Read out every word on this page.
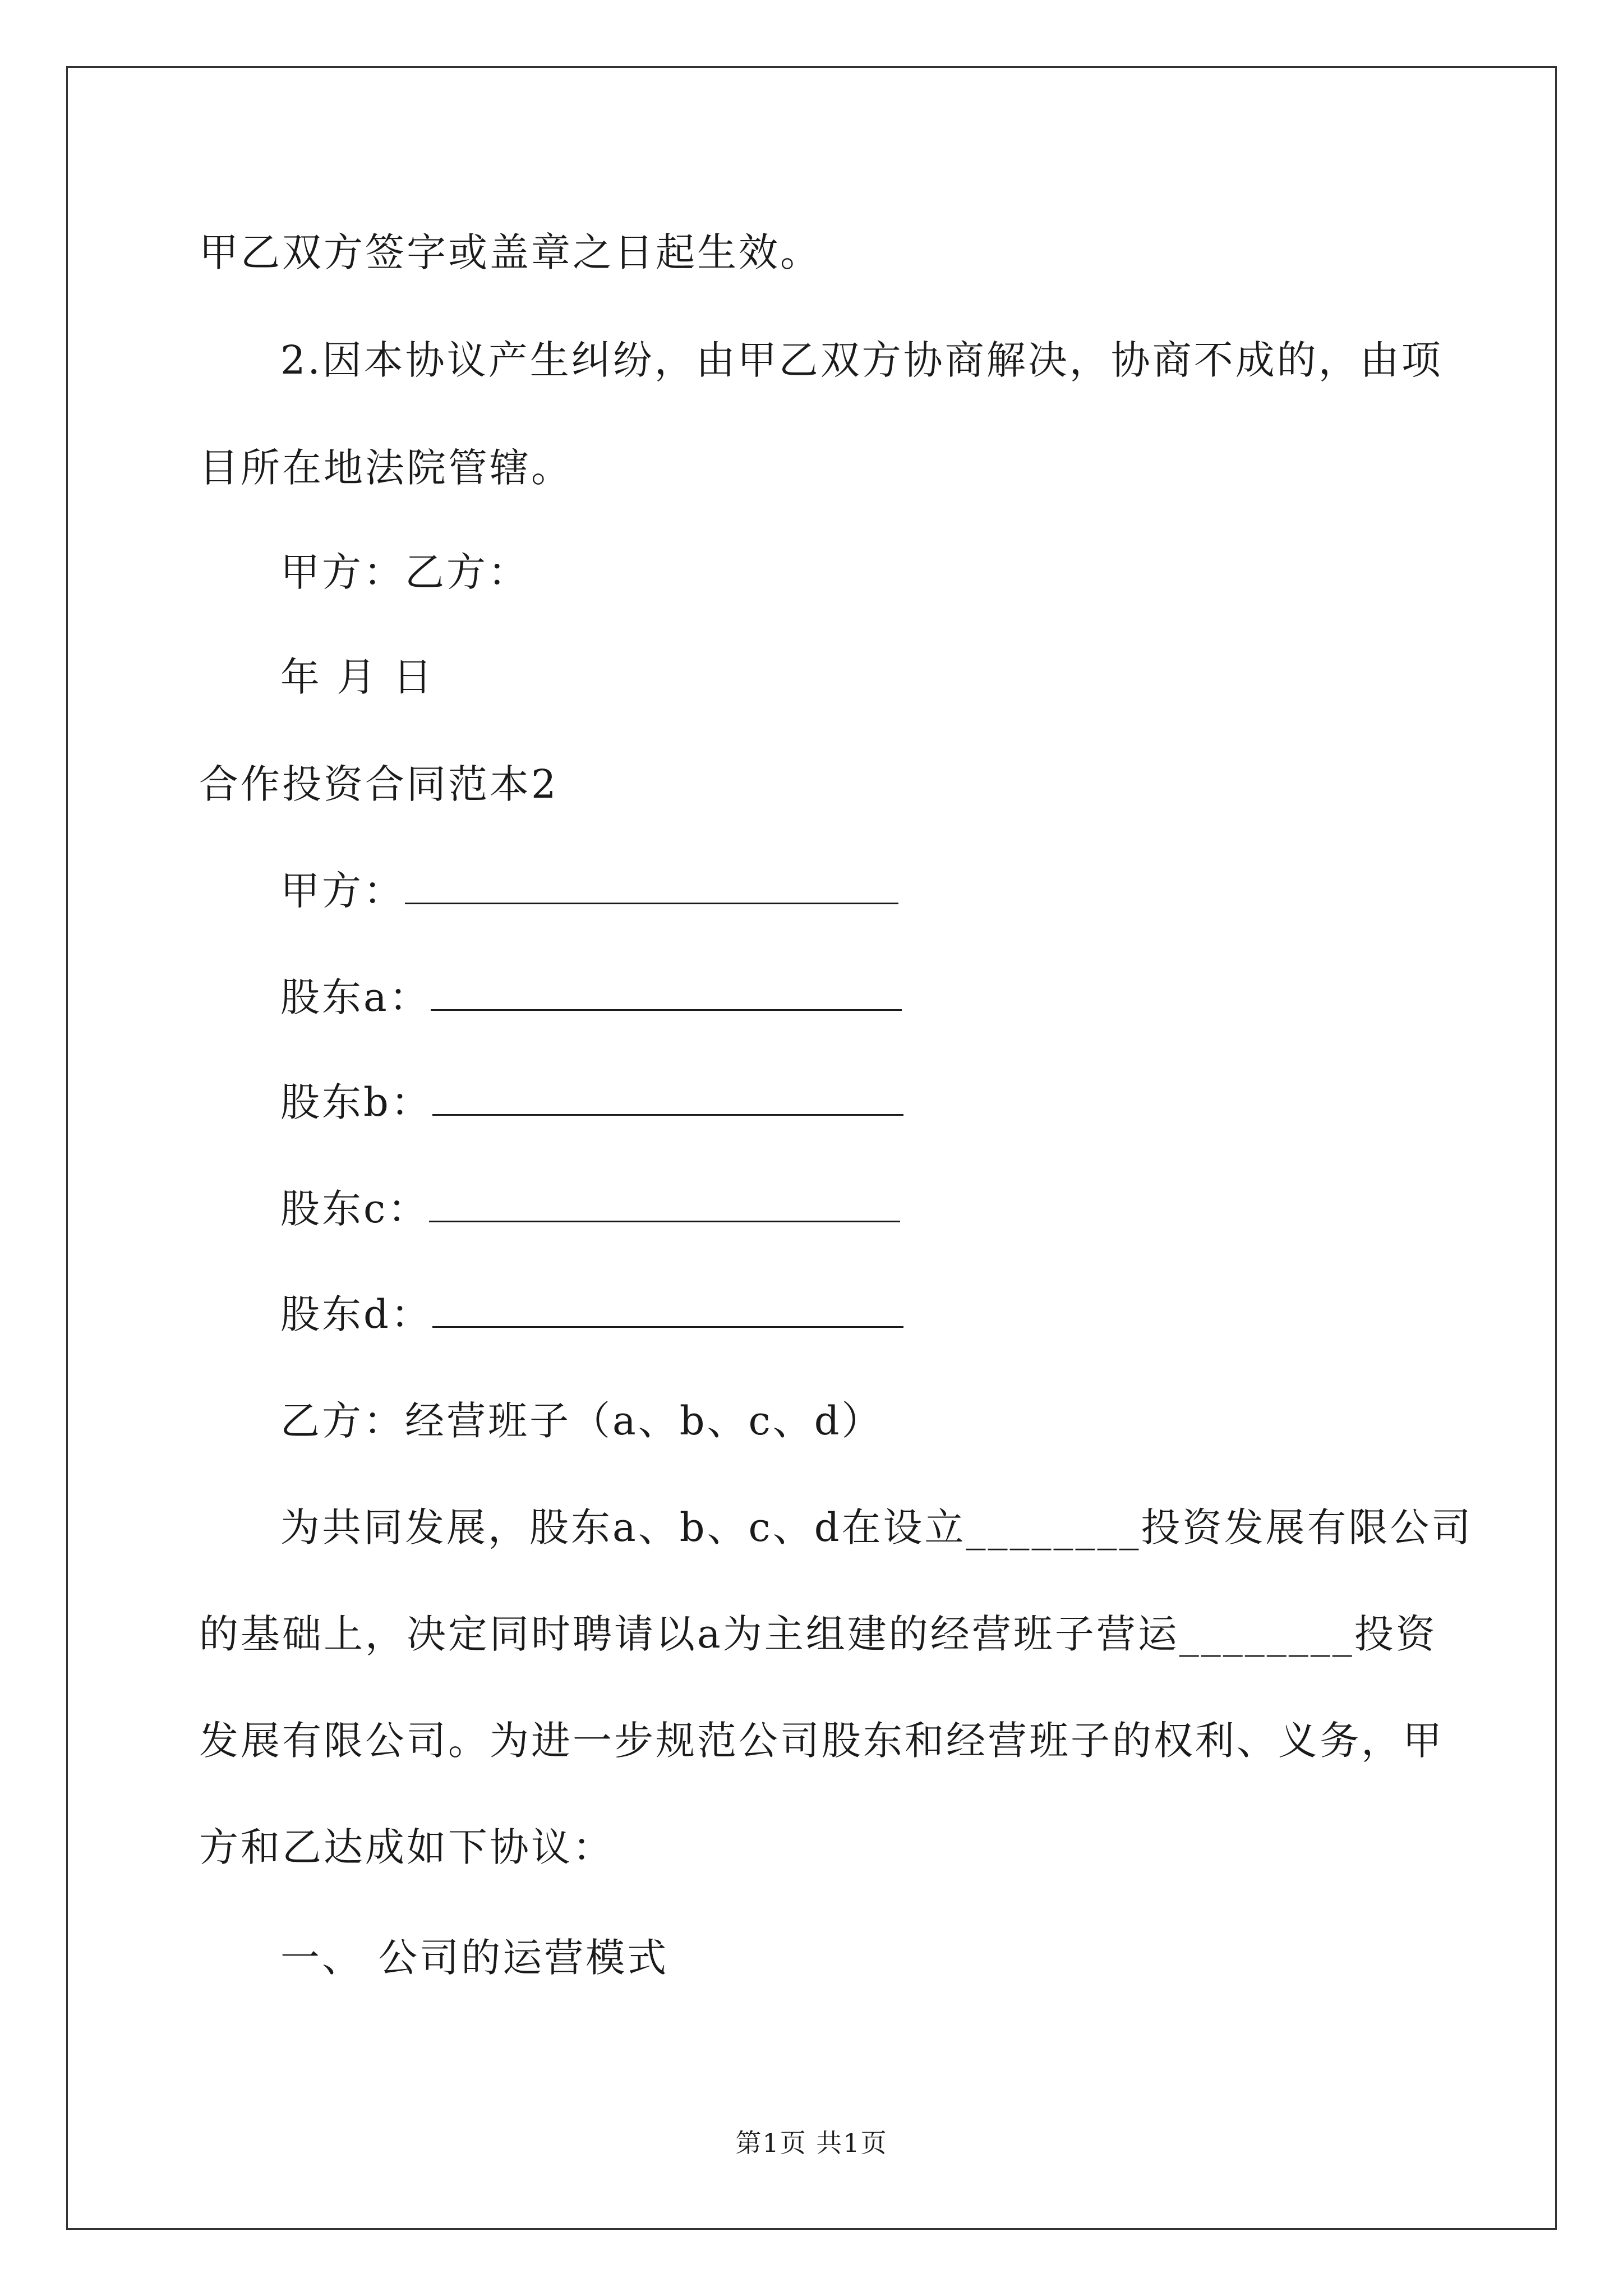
甲乙双方签字或盖章之日起生效。
2.因本协议产生纠纷，由甲乙双方协商解决，协商不成的，由项
目所在地法院管辖。
甲方：乙方：
年 月 日
合作投资合同范本2
甲方：
股东a：
股东b：
股东c：
股东d：
乙方：经营班子（a、b、c、d）
为共同发展，股东a、b、c、d在设立________投资发展有限公司
的基础上，决定同时聘请以a为主组建的经营班子营运________投资
发展有限公司。为进一步规范公司股东和经营班子的权利、义务，甲
方和乙达成如下协议：
一、 公司的运营模式
第1页 共1页
